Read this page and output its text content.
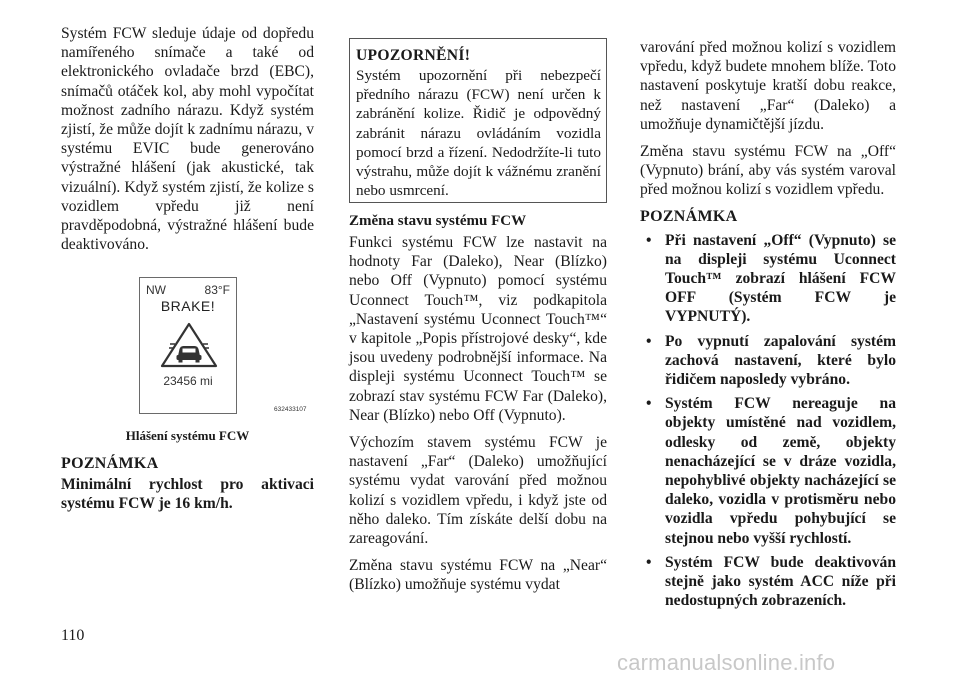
Systém FCW sleduje údaje od dopředu namířeného snímače a také od elektronického ovladače brzd (EBC), snímačů otáček kol, aby mohl vypočítat možnost zadního nárazu. Když systém zjistí, že může dojít k zadnímu nárazu, v systému EVIC bude generováno výstražné hlášení (jak akustické, tak vizuální). Když systém zjistí, že kolize s vozidlem vpředu již není pravděpodobná, výstražné hlášení bude deaktivováno.

NW	83°F
BRAKE!
23456 mi
632433107
Hlášení systému FCW
POZNÁMKA

Minimální rychlost pro aktivaci systému FCW je 16 km/h.

UPOZORNĚNÍ!

Systém upozornění při nebezpečí předního nárazu (FCW) není určen k zabránění kolize. Řidič je odpovědný zabránit nárazu ovládáním vozidla pomocí brzd a řízení. Nedodržíte-li tuto výstrahu, může dojít k vážnému zranění nebo usmrcení.

Změna stavu systému FCW

Funkci systému FCW lze nastavit na hodnoty Far (Daleko), Near (Blízko) nebo Off (Vypnuto) pomocí systému Uconnect Touch™, viz podkapitola „Nastavení systému Uconnect Touch™“ v kapitole „Popis přístrojové desky“, kde jsou uvedeny podrobnější informace. Na displeji systému Uconnect Touch™ se zobrazí stav systému FCW Far (Daleko), Near (Blízko) nebo Off (Vypnuto).

Výchozím stavem systému FCW je nastavení „Far“ (Daleko) umožňující systému vydat varování před možnou kolizí s vozidlem vpředu, i když jste od něho daleko. Tím získáte delší dobu na zareagování.

Změna stavu systému FCW na „Near“ (Blízko) umožňuje systému vydat

varování před možnou kolizí s vozidlem vpředu, když budete mnohem blíže. Toto nastavení poskytuje kratší dobu reakce, než nastavení „Far“ (Daleko) a umožňuje dynamičtější jízdu.

Změna stavu systému FCW na „Off“ (Vypnuto) brání, aby vás systém varoval před možnou kolizí s vozidlem vpředu.

POZNÁMKA
• Při nastavení „Off“ (Vypnuto) se na displeji systému Uconnect Touch™ zobrazí hlášení FCW OFF (Systém FCW je VYPNUTÝ).
• Po vypnutí zapalování systém zachová nastavení, které bylo řidičem naposledy vybráno.
• Systém FCW nereaguje na objekty umístěné nad vozidlem, odlesky od země, objekty nenacházející se v dráze vozidla, nepohyblivé objekty nacházející se daleko, vozidla v protisměru nebo vozidla vpředu pohybující se stejnou nebo vyšší rychlostí.
• Systém FCW bude deaktivován stejně jako systém ACC níže při nedostupných zobrazeních.
110
carmanualsonline.info
